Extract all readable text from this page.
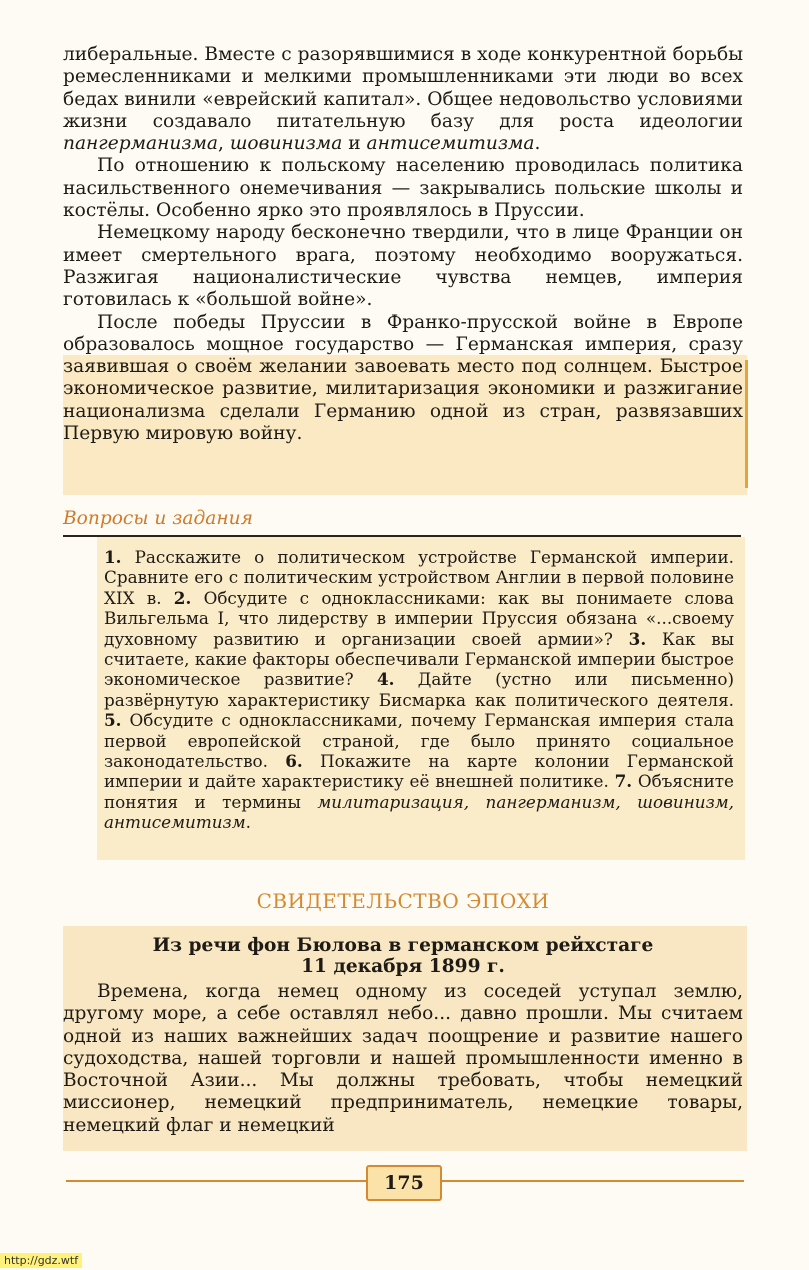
либеральные. Вместе с разорявшимися в ходе конкурентной борьбы ремесленниками и мелкими промышленниками эти люди во всех бедах винили «еврейский капитал». Общее недовольство условиями жизни создавало питательную базу для роста идеологии пангерманизма, шовинизма и антисемитизма.

По отношению к польскому населению проводилась политика насильственного онемечивания — закрывались польские школы и костёлы. Особенно ярко это проявлялось в Пруссии.

Немецкому народу бесконечно твердили, что в лице Франции он имеет смертельного врага, поэтому необходимо вооружаться. Разжигая националистические чувства немцев, империя готовилась к «большой войне».

После победы Пруссии в Франко-прусской войне в Европе образовалось мощное государство — Германская империя, сразу заявившая о своём желании завоевать место под солнцем. Быстрое экономическое развитие, милитаризация экономики и разжигание национализма сделали Германию одной из стран, развязавших Первую мировую войну.

Вопросы и задания
1. Расскажите о политическом устройстве Германской империи. Сравните его с политическим устройством Англии в первой половине XIX в. 2. Обсудите с одноклассниками: как вы понимаете слова Вильгельма I, что лидерству в империи Пруссия обязана «...своему духовному развитию и организации своей армии»? 3. Как вы считаете, какие факторы обеспечивали Германской империи быстрое экономическое развитие? 4. Дайте (устно или письменно) развёрнутую характеристику Бисмарка как политического деятеля. 5. Обсудите с одноклассниками, почему Германская империя стала первой европейской страной, где было принято социальное законодательство. 6. Покажите на карте колонии Германской империи и дайте характеристику её внешней политике. 7. Объясните понятия и термины милитаризация, пангерманизм, шовинизм, антисемитизм.
СВИДЕТЕЛЬСТВО ЭПОХИ
Из речи фон Бюлова в германском рейхстаге
11 декабря 1899 г.

Времена, когда немец одному из соседей уступал землю, другому море, а себе оставлял небо... давно прошли. Мы считаем одной из наших важнейших задач поощрение и развитие нашего судоходства, нашей торговли и нашей промышленности именно в Восточной Азии... Мы должны требовать, чтобы немецкий миссионер, немецкий предприниматель, немецкие товары, немецкий флаг и немецкий

175
http://gdz.wtf
